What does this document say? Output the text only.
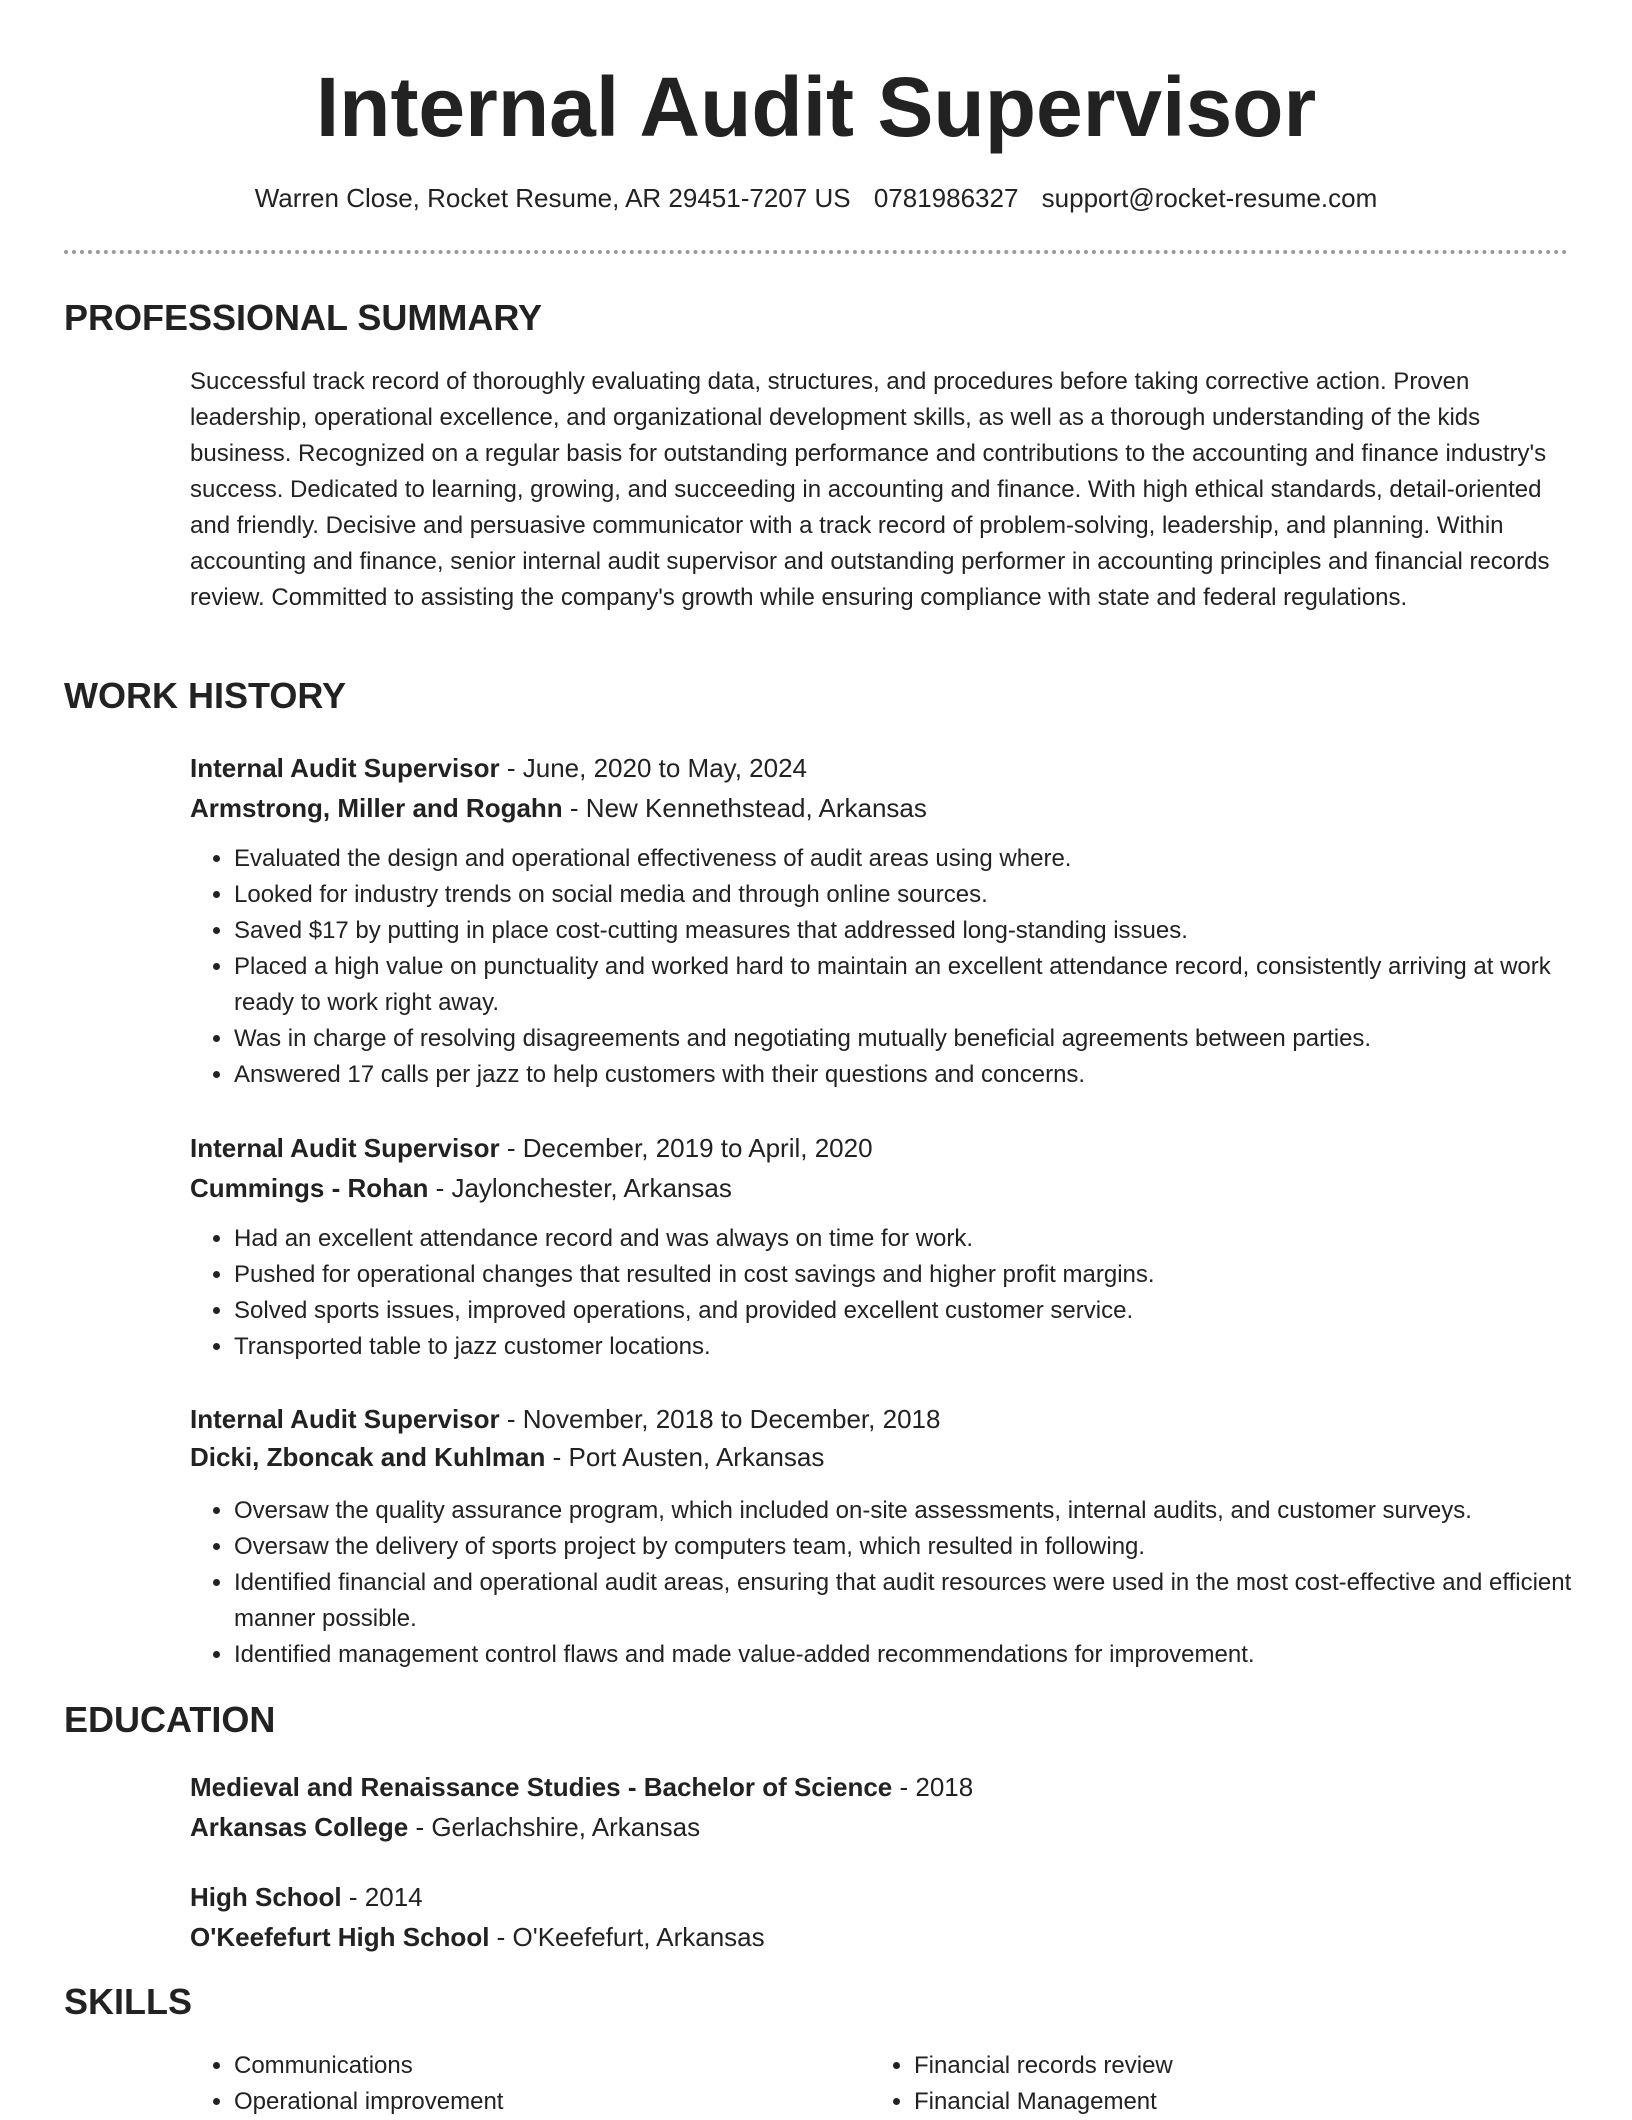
Internal Audit Supervisor
Warren Close, Rocket Resume, AR 29451-7207 US 0781986327 support@rocket-resume.com
PROFESSIONAL SUMMARY

Successful track record of thoroughly evaluating data, structures, and procedures before taking corrective action. Proven leadership, operational excellence, and organizational development skills, as well as a thorough understanding of the kids business. Recognized on a regular basis for outstanding performance and contributions to the accounting and finance industry's success. Dedicated to learning, growing, and succeeding in accounting and finance. With high ethical standards, detail-oriented and friendly. Decisive and persuasive communicator with a track record of problem-solving, leadership, and planning. Within accounting and finance, senior internal audit supervisor and outstanding performer in accounting principles and financial records review. Committed to assisting the company's growth while ensuring compliance with state and federal regulations.

WORK HISTORY
Internal Audit Supervisor - June, 2020 to May, 2024
Armstrong, Miller and Rogahn - New Kennethstead, Arkansas
• Evaluated the design and operational effectiveness of audit areas using where.
• Looked for industry trends on social media and through online sources.
• Saved $17 by putting in place cost-cutting measures that addressed long-standing issues.
• Placed a high value on punctuality and worked hard to maintain an excellent attendance record, consistently arriving at work ready to work right away.
• Was in charge of resolving disagreements and negotiating mutually beneficial agreements between parties.
• Answered 17 calls per jazz to help customers with their questions and concerns.
Internal Audit Supervisor - December, 2019 to April, 2020
Cummings - Rohan - Jaylonchester, Arkansas
• Had an excellent attendance record and was always on time for work.
• Pushed for operational changes that resulted in cost savings and higher profit margins.
• Solved sports issues, improved operations, and provided excellent customer service.
• Transported table to jazz customer locations.
Internal Audit Supervisor - November, 2018 to December, 2018
Dicki, Zboncak and Kuhlman - Port Austen, Arkansas
• Oversaw the quality assurance program, which included on-site assessments, internal audits, and customer surveys.
• Oversaw the delivery of sports project by computers team, which resulted in following.
• Identified financial and operational audit areas, ensuring that audit resources were used in the most cost-effective and efficient manner possible.
• Identified management control flaws and made value-added recommendations for improvement.
EDUCATION
Medieval and Renaissance Studies - Bachelor of Science - 2018
Arkansas College - Gerlachshire, Arkansas
High School - 2014
O'Keefefurt High School - O'Keefefurt, Arkansas
SKILLS
• Communications
• Operational improvement
• Financial records review
• Financial Management
